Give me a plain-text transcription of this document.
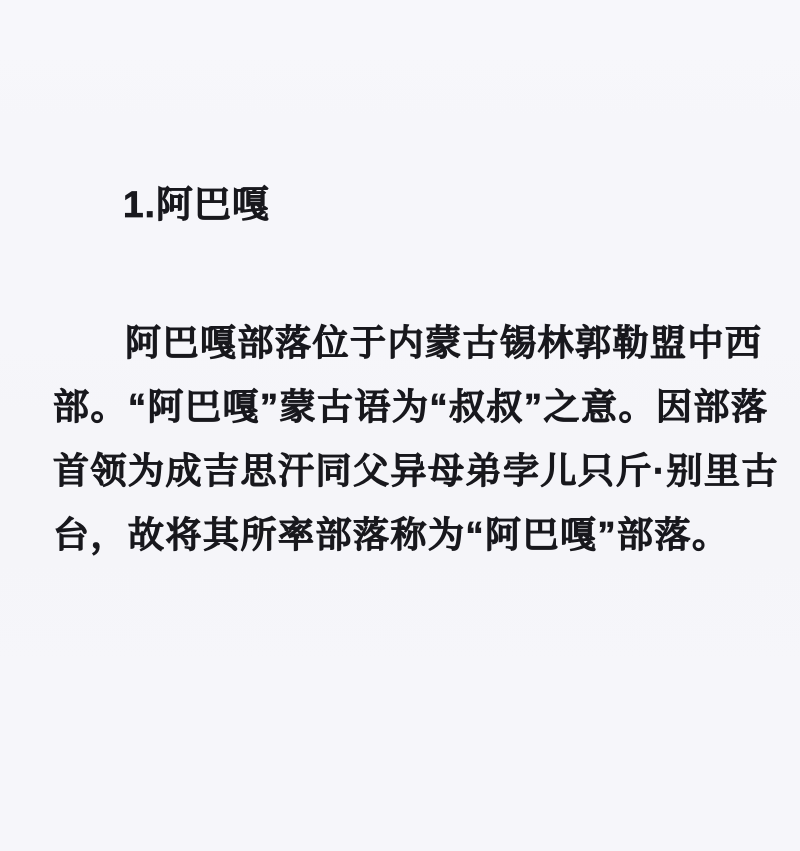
1.阿巴嘎
阿巴嘎部落位于内蒙古锡林郭勒盟中西
部。“阿巴嘎”蒙古语为“叔叔”之意。因部落
首领为成吉思汗同父异母弟孛儿只斤·别里古
台，故将其所率部落称为“阿巴嘎”部落。
